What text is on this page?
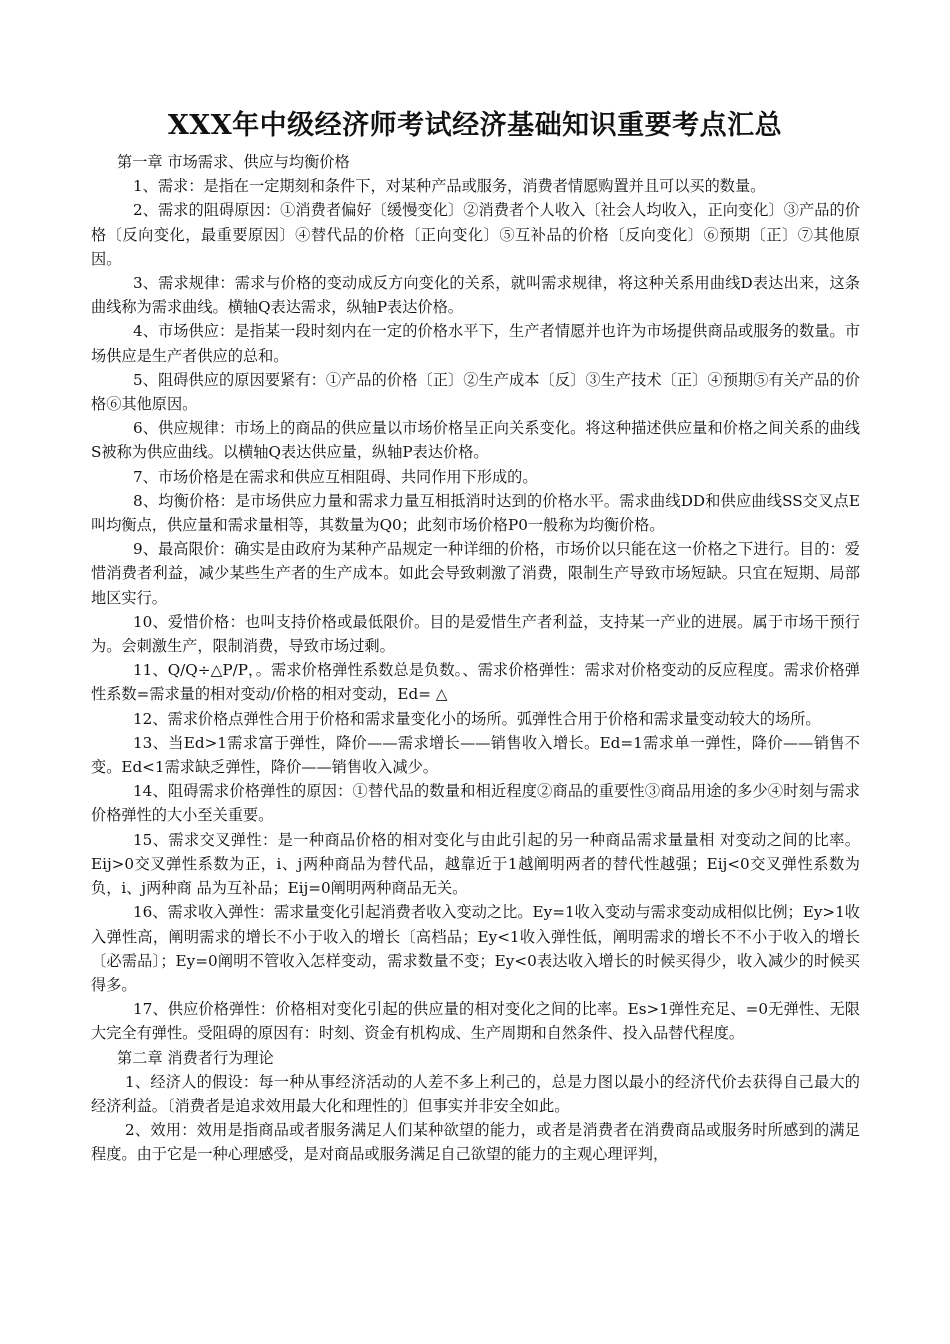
XXX年中级经济师考试经济基础知识重要考点汇总

第一章 市场需求、供应与均衡价格

1、需求：是指在一定期刻和条件下，对某种产品或服务，消费者情愿购置并且可以买的数量。

2、需求的阻碍原因：①消费者偏好〔缓慢变化〕②消费者个人收入〔社会人均收入，正向变化〕③产品的价格〔反向变化，最重要原因〕④替代品的价格〔正向变化〕⑤互补品的价格〔反向变化〕⑥预期〔正〕⑦其他原因。

3、需求规律：需求与价格的变动成反方向变化的关系，就叫需求规律，将这种关系用曲线D表达出来，这条曲线称为需求曲线。横轴Q表达需求，纵轴P表达价格。

4、市场供应：是指某一段时刻内在一定的价格水平下，生产者情愿并也许为市场提供商品或服务的数量。市场供应是生产者供应的总和。

5、阻碍供应的原因要紧有：①产品的价格〔正〕②生产成本〔反〕③生产技术〔正〕④预期⑤有关产品的价格⑥其他原因。

6、供应规律：市场上的商品的供应量以市场价格呈正向关系变化。将这种描述供应量和价格之间关系的曲线S被称为供应曲线。以横轴Q表达供应量，纵轴P表达价格。

7、市场价格是在需求和供应互相阻碍、共同作用下形成的。

8、均衡价格：是市场供应力量和需求力量互相抵消时达到的价格水平。需求曲线DD和供应曲线SS交叉点E叫均衡点，供应量和需求量相等，其数量为Q0；此刻市场价格P0一般称为均衡价格。

9、最高限价：确实是由政府为某种产品规定一种详细的价格，市场价以只能在这一价格之下进行。目的：爱惜消费者利益，减少某些生产者的生产成本。如此会导致刺激了消费，限制生产导致市场短缺。只宜在短期、局部地区实行。

10、爱惜价格：也叫支持价格或最低限价。目的是爱惜生产者利益，支持某一产业的进展。属于市场干预行为。会刺激生产，限制消费，导致市场过剩。

11、Q/Q÷△P/P，。需求价格弹性系数总是负数。、需求价格弹性：需求对价格变动的反应程度。需求价格弹性系数=需求量的相对变动/价格的相对变动，Ed= △

12、需求价格点弹性合用于价格和需求量变化小的场所。弧弹性合用于价格和需求量变动较大的场所。

13、当Ed>1需求富于弹性，降价——需求增长——销售收入增长。Ed=1需求单一弹性，降价——销售不变。Ed<1需求缺乏弹性，降价——销售收入减少。

14、阻碍需求价格弹性的原因：①替代品的数量和相近程度②商品的重要性③商品用途的多少④时刻与需求价格弹性的大小至关重要。

15、需求交叉弹性：是一种商品价格的相对变化与由此引起的另一种商品需求量量相 对变动之间的比率。Eij>0交叉弹性系数为正，i、j两种商品为替代品，越靠近于1越阐明两者的替代性越强；Eij<0交叉弹性系数为负，i、j两种商 品为互补品；Eij=0阐明两种商品无关。

16、需求收入弹性：需求量变化引起消费者收入变动之比。Ey=1收入变动与需求变动成相似比例；Ey>1收入弹性高，阐明需求的增长不小于收入的增长〔高档品；Ey<1收入弹性低，阐明需求的增长不不小于收入的增长〔必需品〕；Ey=0阐明不管收入怎样变动，需求数量不变；Ey<0表达收入增长的时候买得少，收入减少的时候买得多。

17、供应价格弹性：价格相对变化引起的供应量的相对变化之间的比率。Es>1弹性充足、=0无弹性、无限大完全有弹性。受阻碍的原因有：时刻、资金有机构成、生产周期和自然条件、投入品替代程度。

第二章 消费者行为理论

1、经济人的假设：每一种从事经济活动的人差不多上利己的，总是力图以最小的经济代价去获得自己最大的经济利益。〔消费者是追求效用最大化和理性的〕但事实并非安全如此。

2、效用：效用是指商品或者服务满足人们某种欲望的能力，或者是消费者在消费商品或服务时所感到的满足程度。由于它是一种心理感受，是对商品或服务满足自己欲望的能力的主观心理评判，
